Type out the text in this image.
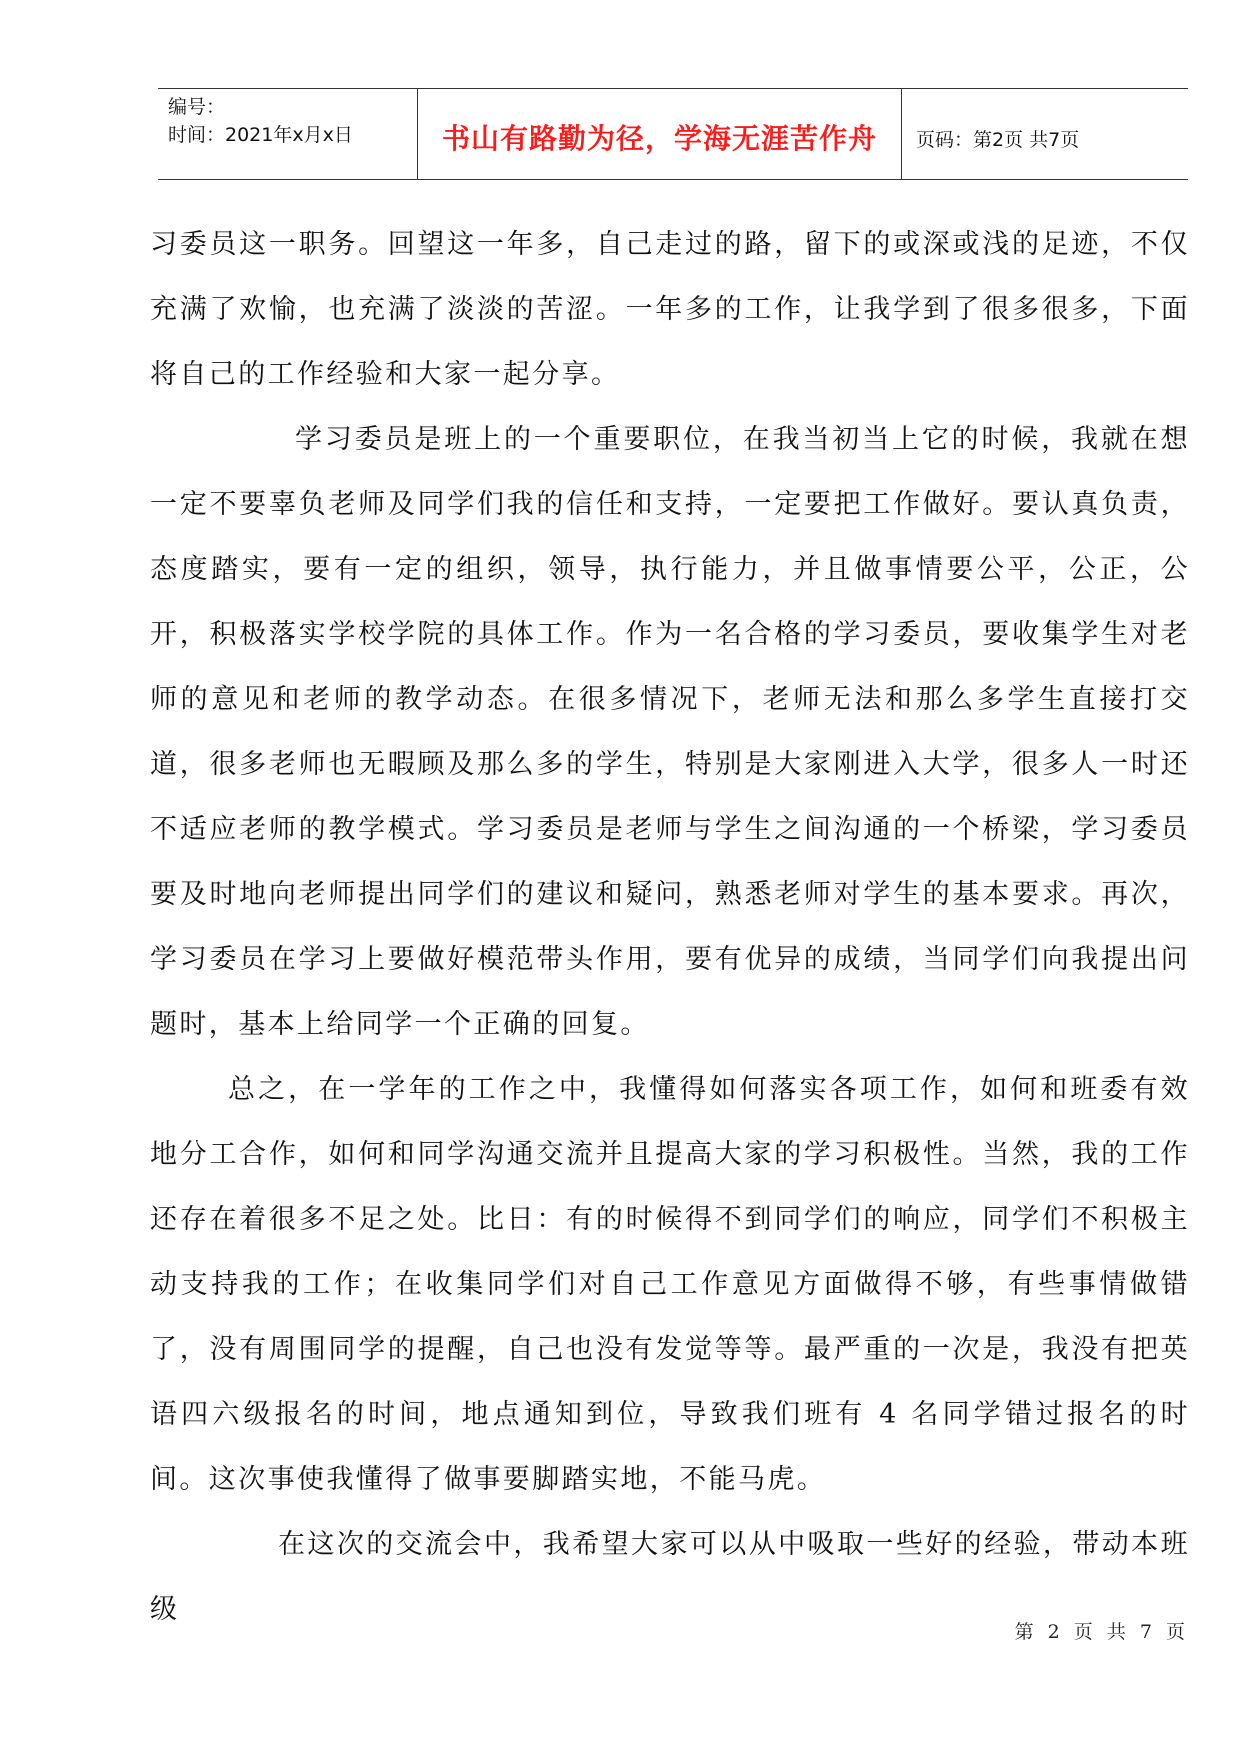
编号：
时间：2021年x月x日	书山有路勤为径，学海无涯苦作舟 页码：第2页 共7页

习委员这一职务。回望这一年多，自己走过的路，留下的或深或浅的足迹，不仅充满了欢愉，也充满了淡淡的苦涩。一年多的工作，让我学到了很多很多，下面将自己的工作经验和大家一起分享。

学习委员是班上的一个重要职位，在我当初当上它的时候，我就在想一定不要辜负老师及同学们我的信任和支持，一定要把工作做好。要认真负责，态度踏实，要有一定的组织，领导，执行能力，并且做事情要公平，公正，公开，积极落实学校学院的具体工作。作为一名合格的学习委员，要收集学生对老师的意见和老师的教学动态。在很多情况下，老师无法和那么多学生直接打交道，很多老师也无暇顾及那么多的学生，特别是大家刚进入大学，很多人一时还不适应老师的教学模式。学习委员是老师与学生之间沟通的一个桥梁，学习委员要及时地向老师提出同学们的建议和疑问，熟悉老师对学生的基本要求。再次，学习委员在学习上要做好模范带头作用，要有优异的成绩，当同学们向我提出问题时，基本上给同学一个正确的回复。

总之，在一学年的工作之中，我懂得如何落实各项工作，如何和班委有效地分工合作，如何和同学沟通交流并且提高大家的学习积极性。当然，我的工作还存在着很多不足之处。比日：有的时候得不到同学们的响应，同学们不积极主动支持我的工作；在收集同学们对自己工作意见方面做得不够，有些事情做错了，没有周围同学的提醒，自己也没有发觉等等。最严重的一次是，我没有把英语四六级报名的时间，地点通知到位，导致我们班有 4 名同学错过报名的时间。这次事使我懂得了做事要脚踏实地，不能马虎。

在这次的交流会中，我希望大家可以从中吸取一些好的经验，带动本班级

第 2 页 共 7 页
